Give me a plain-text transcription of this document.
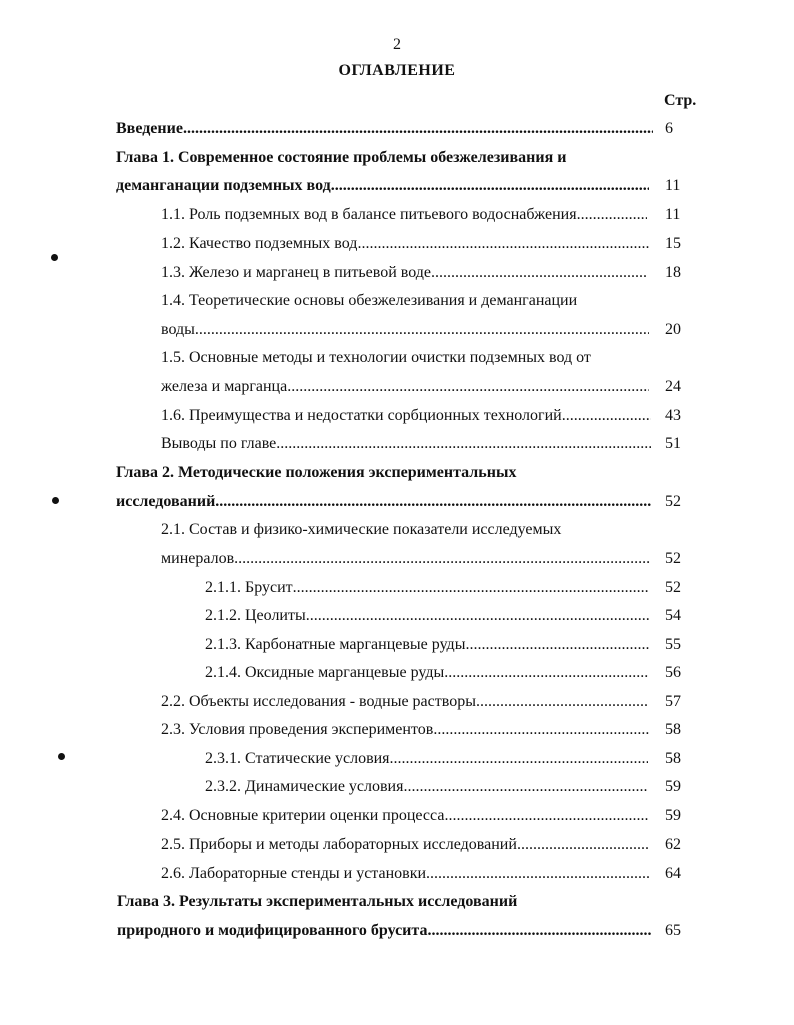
2
ОГЛАВЛЕНИЕ
Стр.
Введение .....	6
Глава 1. Современное состояние проблемы обезжелезивания и
деманганации подземных вод .....	11
1.1. Роль подземных вод в балансе питьевого водоснабжения .....	11
1.2. Качество подземных вод .....	15
1.3. Железо и марганец в питьевой воде .....	18
1.4. Теоретические основы обезжелезивания и деманганации
воды .....	20
1.5. Основные методы и технологии очистки подземных вод от
железа и марганца .....	24
1.6. Преимущества и недостатки сорбционных технологий .....	43
Выводы по главе .....	51
Глава 2. Методические положения экспериментальных
исследований .....	52
2.1. Состав и физико-химические показатели исследуемых
минералов .....	52
2.1.1. Брусит .....	52
2.1.2. Цеолиты .....	54
2.1.3. Карбонатные марганцевые руды .....	55
2.1.4. Оксидные марганцевые руды .....	56
2.2. Объекты исследования - водные растворы .....	57
2.3. Условия проведения экспериментов .....	58
2.3.1. Статические условия .....	58
2.3.2. Динамические условия .....	59
2.4. Основные критерии оценки процесса .....	59
2.5. Приборы и методы лабораторных исследований .....	62
2.6. Лабораторные стенды и установки .....	64
Глава 3. Результаты экспериментальных исследований
природного и модифицированного брусита .....	65
